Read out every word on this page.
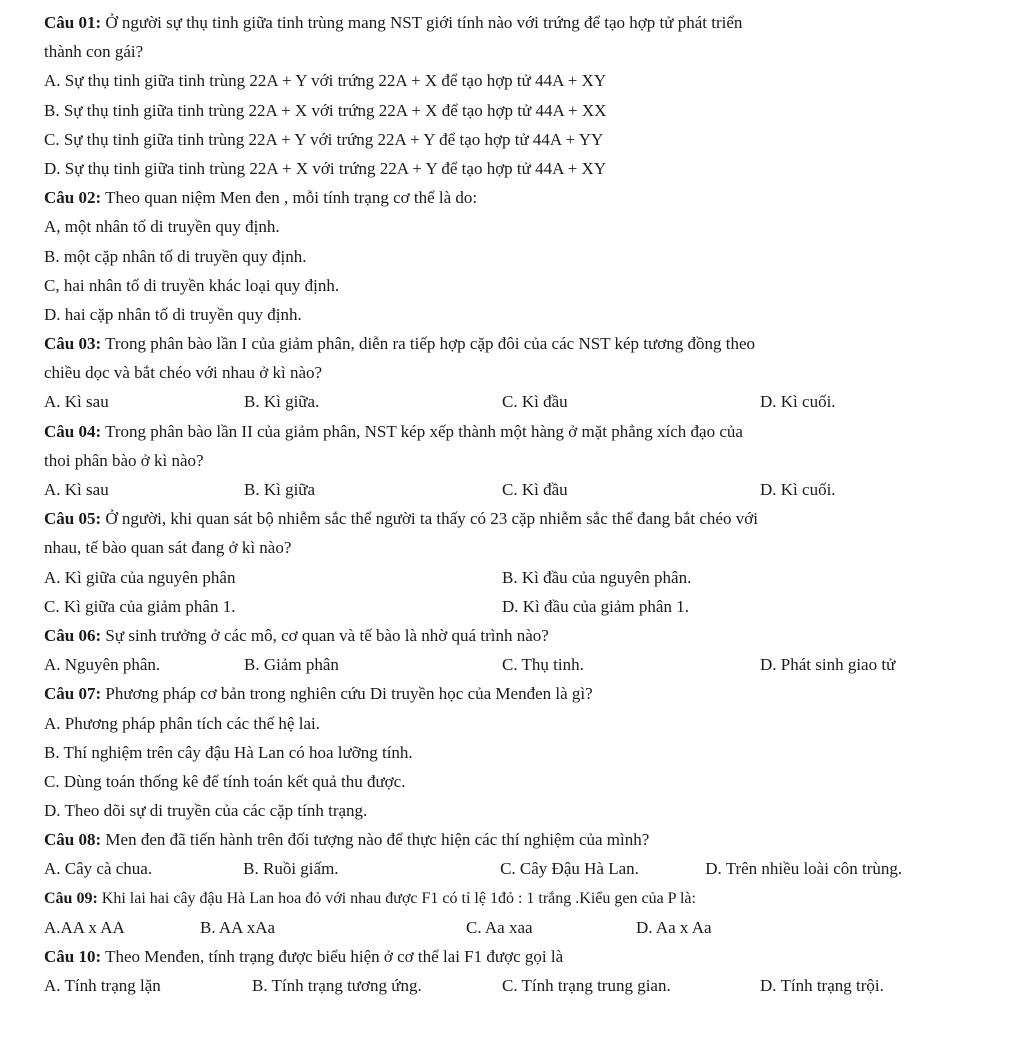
Câu 01: Ở người sự thụ tinh giữa tinh trùng mang NST giới tính nào với trứng để tạo hợp tử phát triển
thành con gái?
A. Sự thụ tinh giữa tinh trùng 22A + Y với trứng 22A + X để tạo hợp tử 44A + XY
B. Sự thụ tinh giữa tinh trùng 22A + X với trứng 22A + X để tạo hợp tử 44A + XX
C. Sự thụ tinh giữa tinh trùng 22A + Y với trứng 22A + Y để tạo hợp tử 44A + YY
D. Sự thụ tinh giữa tinh trùng 22A + X với trứng 22A + Y để tạo hợp tử 44A + XY
Câu 02: Theo quan niệm Men đen , mỗi tính trạng cơ thể là do:
A, một nhân tố di truyền quy định.
B. một cặp nhân tố di truyền quy định.
C, hai nhân tố di truyền khác loại quy định.
D. hai cặp nhân tố di truyền quy định.
Câu 03: Trong phân bào lần I của giảm phân, diễn ra tiếp hợp cặp đôi của các NST kép tương đồng theo
chiều dọc và bắt chéo với nhau ở kì nào?
A. Kì sau	B. Kì giữa.	C. Kì đầu	D. Kì cuối.
Câu 04: Trong phân bào lần II của giảm phân, NST kép xếp thành một hàng ở mặt phẳng xích đạo của
thoi phân bào ở kì nào?
A. Kì sau	B. Kì giữa	C. Kì đầu	D. Kì cuối.
Câu 05: Ở người, khi quan sát bộ nhiễm sắc thể người ta thấy có 23 cặp nhiễm sắc thể đang bắt chéo với
nhau, tế bào quan sát đang ở kì nào?
A. Kì giữa của nguyên phân	B. Kì đầu của nguyên phân.
C. Kì giữa của giảm phân 1.	D. Kì đầu của giảm phân 1.
Câu 06: Sự sinh trưởng ở các mô, cơ quan và tế bào là nhờ quá trình nào?
A. Nguyên phân.	B. Giảm phân	C. Thụ tinh.	D. Phát sinh giao tử
Câu 07: Phương pháp cơ bản trong nghiên cứu Di truyền học của Menđen là gì?
A. Phương pháp phân tích các thế hệ lai.
B. Thí nghiệm trên cây đậu Hà Lan có hoa lưỡng tính.
C. Dùng toán thống kê để tính toán kết quả thu được.
D. Theo dõi sự di truyền của các cặp tính trạng.
Câu 08: Men đen đã tiến hành trên đối tượng nào để thực hiện các thí nghiệm của mình?
A. Cây cà chua.	B. Ruồi giấm.	C. Cây Đậu Hà Lan.	D. Trên nhiều loài côn trùng.
Câu 09: Khi lai hai cây đậu Hà Lan hoa đỏ với nhau được F1 có tỉ lệ 1đỏ : 1 trắng .Kiểu gen của P là:
A.AA x AA	B. AA xAa	C. Aa xaa	D. Aa x Aa
Câu 10: Theo Menđen, tính trạng được biểu hiện ở cơ thể lai F1 được gọi là
A. Tính trạng lặn	B. Tính trạng tương ứng.	C. Tính trạng trung gian.	D. Tính trạng trội.
